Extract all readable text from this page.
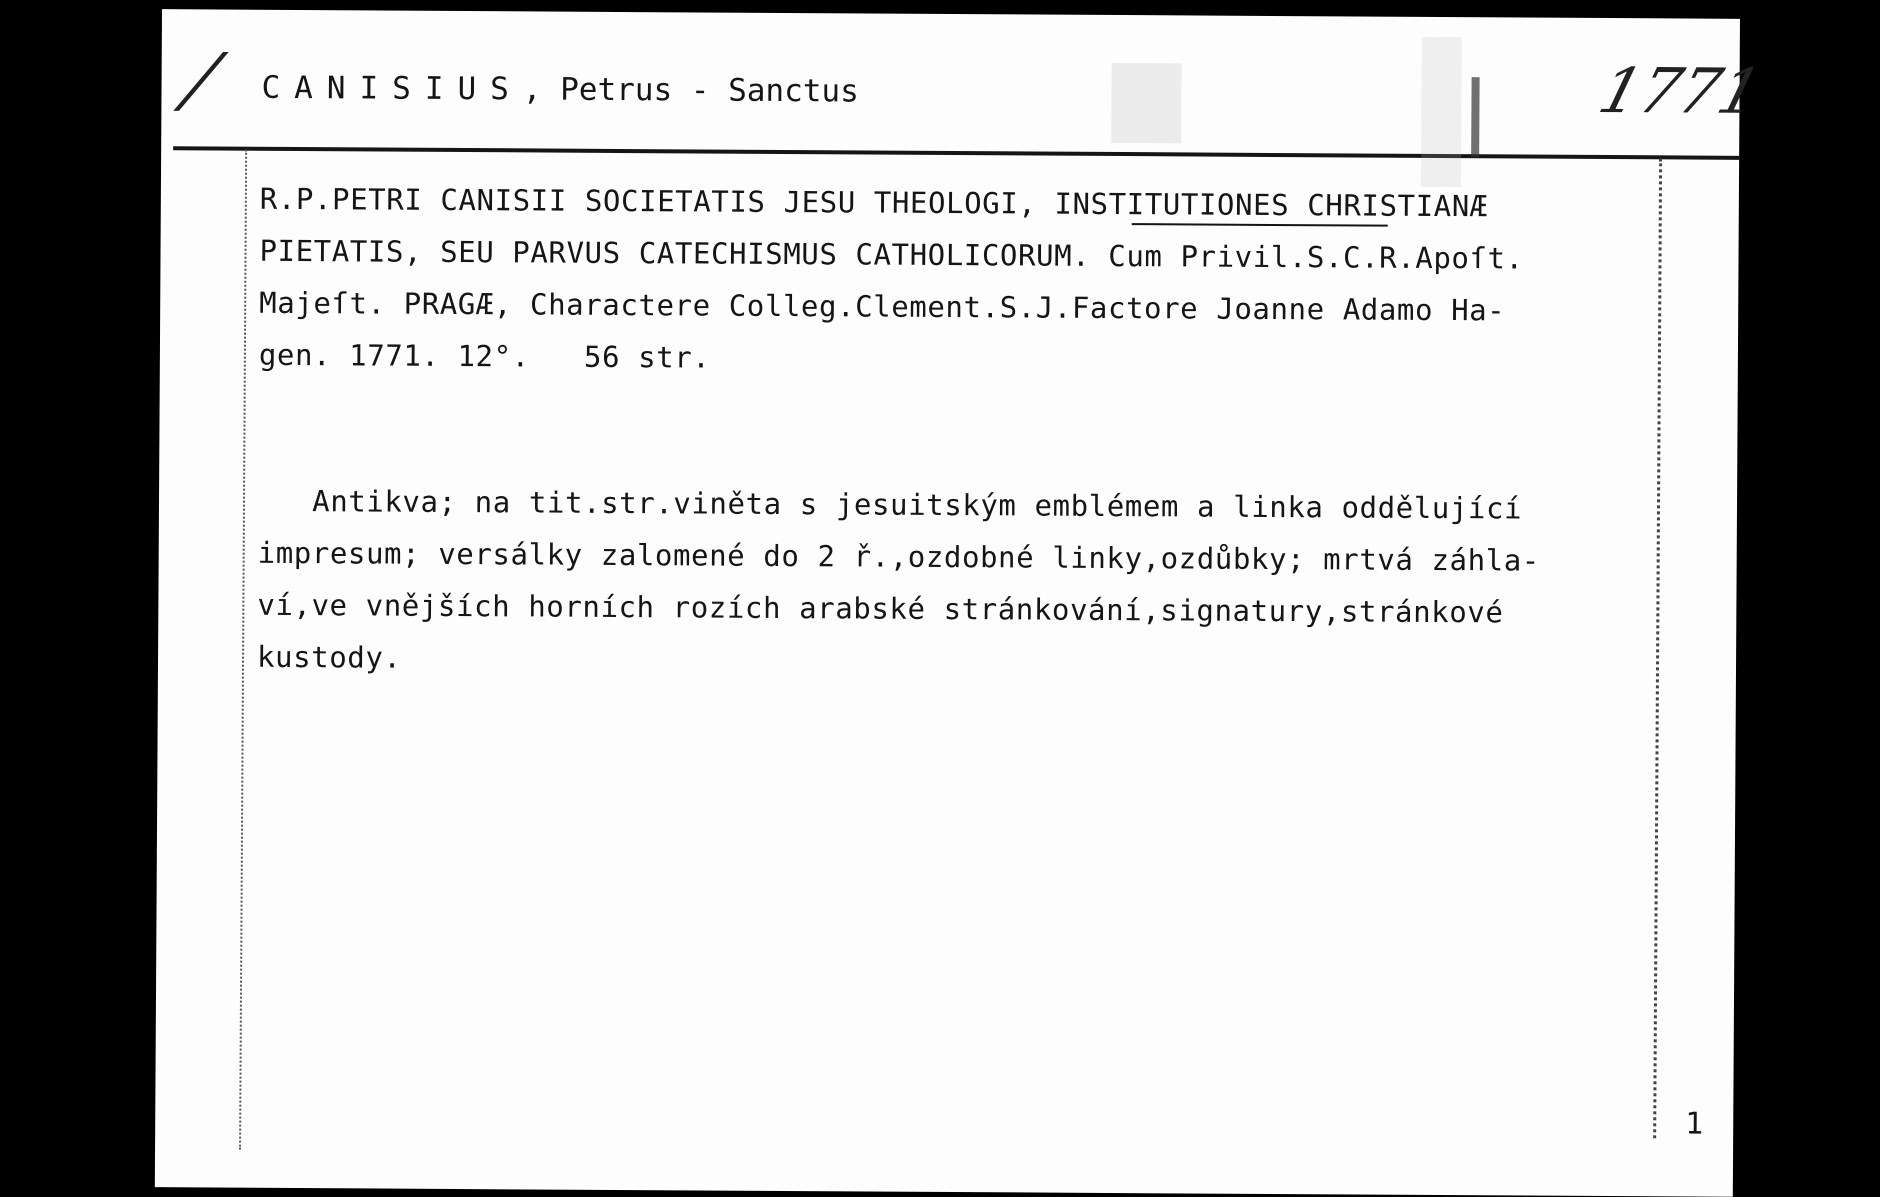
/ CANISIUS, Petrus - Sanctus	1771
R.P.PETRI CANISII SOCIETATIS JESU THEOLOGI, INSTITUTIONES CHRISTIANÆ
PIETATIS, SEU PARVUS CATECHISMUS CATHOLICORUM. Cum Privil.S.C.R.Apoſt.
Majeſt. PRAGÆ, Charactere Colleg.Clement.S.J.Factore Joanne Adamo Ha-
gen. 1771. 12°.   56 str.
Antikva; na tit.str.viněta s jesuitským emblémem a linka oddělující
impresum; versálky zalomené do 2 ř.,ozdobné linky,ozdůbky; mrtvá záhla-
ví,ve vnějších horních rozích arabské stránkování,signatury,stránkové
kustody.
1
